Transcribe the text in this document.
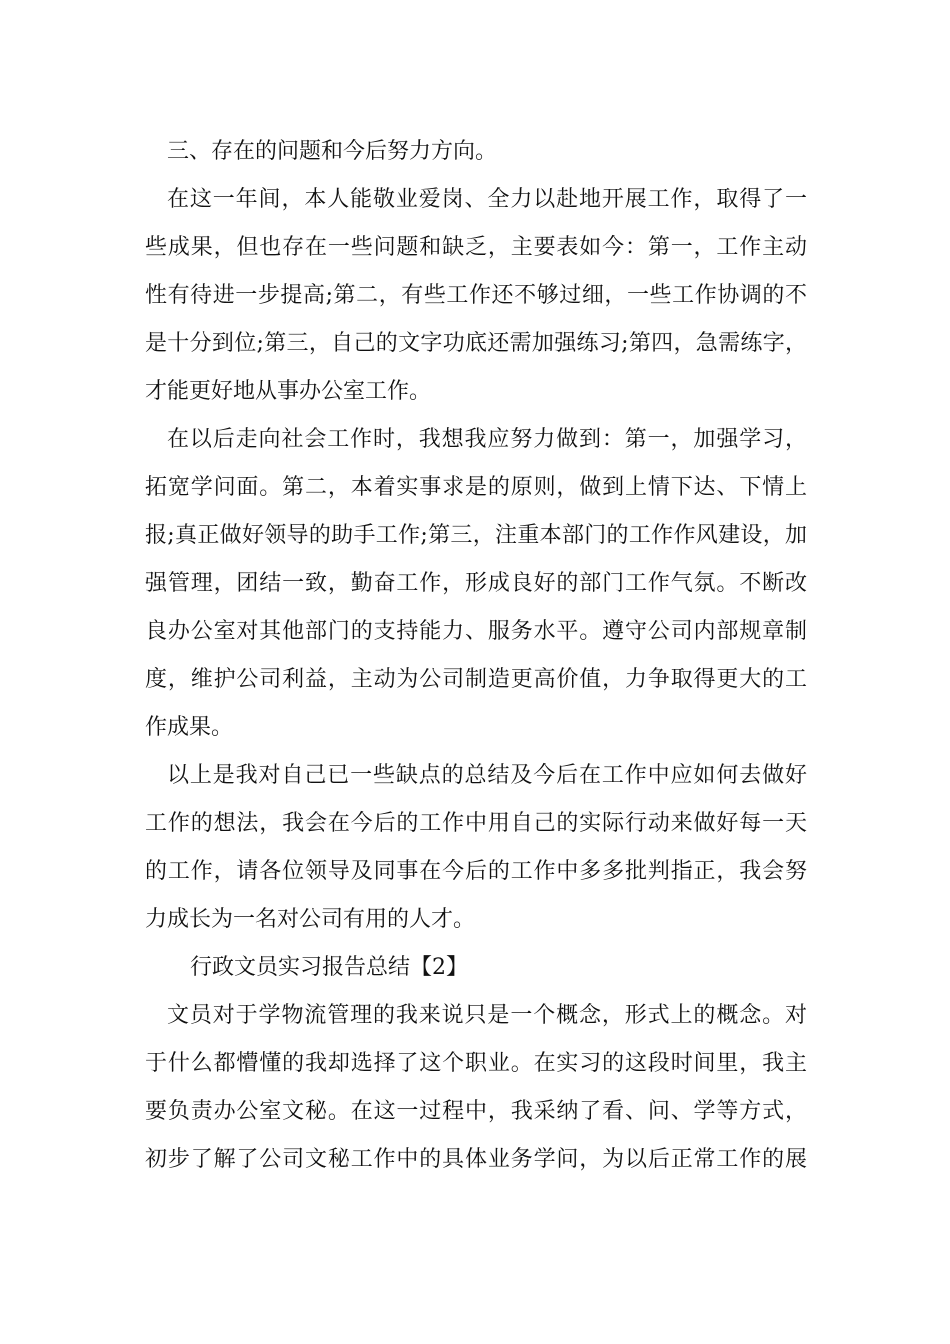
三、存在的问题和今后努力方向。
在这一年间，本人能敬业爱岗、全力以赴地开展工作，取得了一
些成果，但也存在一些问题和缺乏，主要表如今：第一，工作主动
性有待进一步提高;第二，有些工作还不够过细，一些工作协调的不
是十分到位;第三，自己的文字功底还需加强练习;第四，急需练字，
才能更好地从事办公室工作。
在以后走向社会工作时，我想我应努力做到：第一，加强学习，
拓宽学问面。第二，本着实事求是的原则，做到上情下达、下情上
报;真正做好领导的助手工作;第三，注重本部门的工作作风建设，加
强管理，团结一致，勤奋工作，形成良好的部门工作气氛。不断改
良办公室对其他部门的支持能力、服务水平。遵守公司内部规章制
度，维护公司利益，主动为公司制造更高价值，力争取得更大的工
作成果。
以上是我对自己已一些缺点的总结及今后在工作中应如何去做好
工作的想法，我会在今后的工作中用自己的实际行动来做好每一天
的工作，请各位领导及同事在今后的工作中多多批判指正，我会努
力成长为一名对公司有用的人才。
行政文员实习报告总结【2】
文员对于学物流管理的我来说只是一个概念，形式上的概念。对
于什么都懵懂的我却选择了这个职业。在实习的这段时间里，我主
要负责办公室文秘。在这一过程中，我采纳了看、问、学等方式，
初步了解了公司文秘工作中的具体业务学问，为以后正常工作的展
